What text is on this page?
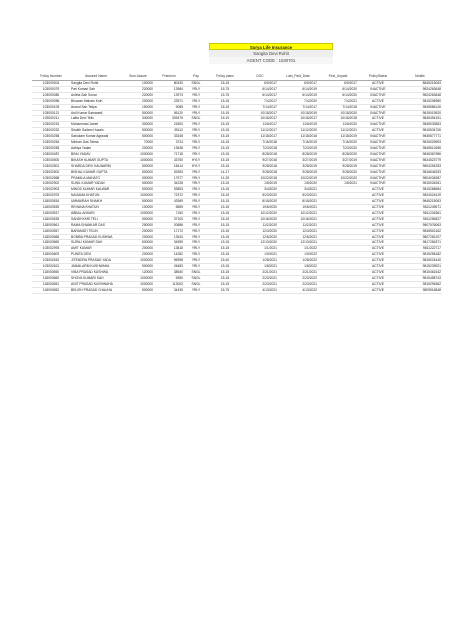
Surya Life Insurance
Sangita Devi Rohit
AGENT CODE : 1030701
Policy Number	Assured Name	Sum Assure	Premium	Pay	Policy plans	DOC	Last_Paid_Date	First_Unpaid	PolicyStatus	Mobile
103000004	Sangita Devi Rohit	100000	80430	SNGL	15-15	6/9/2017	6/9/2017	6/9/2017	ACTIVE	8845215063
103000079	Pari Kumari Sah	220000	13984	YRLY	15-75	6/14/2017	6/14/2019	6/14/2020	INACTIVE	9824263648
103000080	Anitha Sah Sonar	220000	13973	YRLY	15-75	6/14/2017	6/14/2019	6/14/2020	INACTIVE	9824263648
103000096	Bhuwan Mahato Koiri	200000	23971	YRLY	15-15	7/4/2017	7/4/2020	7/4/2021	ACTIVE	9815206980
103000109	Anand Sah Teliya	150000	9085	YRLY	15-15	7/14/2017	7/14/2017	7/14/2018	INACTIVE	9845586126
103000121	Anil Kumar Sarswasti	500000	56120	YRLY	15-15	10/15/2017	10/15/2019	10/15/2020	INACTIVE	9815019520
103000211	Lalita Devi Teliv	340000	309475	SNGL	15-19	10/16/2017	10/16/2017	10/16/2018	ACTIVE	9845494151
103000215	Mohammad Jamel	300000	21800	YRLY	15-15	11/6/2017	11/6/2019	11/6/2020	INACTIVE	9845033863
103000232	Shaikh Sadam Husain	500000	35112	YRLY	15-15	11/12/2017	11/12/2020	11/12/2021	ACTIVE	9815534706
103000258	Sabukam Kumar Agrawal	500000	33345	YRLY	15-15	11/15/2017	11/15/2018	11/15/2019	INACTIVE	9845577771
103000254	Minhan Das Tatma	70000	3724	YRLY	16-15	7/16/2018	7/16/2019	7/16/2020	INACTIVE	9815029593
103000255	Adhiya Yadav	200000	13548	YRLY	15-15	7/23/2018	7/23/2019	7/23/2020	INACTIVE	9845612656
103000487	BINU YADAV	1000000	71718	YRLY	15-15	8/28/2018	8/28/2019	8/28/2020	INACTIVE	9845367986
103000500	BIKASH KUMAR GUPTA	1000000	33750	HYLY	15-15	9/27/2018	3/27/2019	3/27/2019	INACTIVE	9824523779
103002501	SHARDA DEVI KALWARIN	500000	18414	HYLY	15-15	9/28/2018	3/28/2019	9/28/2019	INACTIVE	9804294253
103002502	BISHAL KUMAR GUPTA	500000	53353	YRLY	14-17	9/28/2018	9/28/2019	9/28/2020	INACTIVE	9816646253
103002568	PRAMILA MAHATO	500000	17977	YRLY	14-25	10/22/2018	10/22/2019	10/22/2020	INACTIVE	9804034587
103002902	SUNIL KUMAR YADAV	500000	34228	YRLY	15-15	1/5/2019	1/5/2020	1/5/2021	INACTIVE	9815026261
103002903	MINOD KUMAR KALWAR	500000	53853	YRLY	15-15	3/4/2020	3/4/2021		ACTIVE	9815268684
103002975	NAGAMA KHATUN	1000000	72372	YRLY	15-15	6/23/2020	6/23/2021		ACTIVE	9824024419
118000534	UMMAIRAH SHAIKH	500000	43369	YRLY	15-15	8/15/2020	8/15/2021		ACTIVE	9845215063
118000535	REHANA KHATUN	100000	5859	YRLY	15-15	10/6/2020	10/6/2021		ACTIVE	9811249571
118000537	ABBAL ANSARI	1000000	7150	YRLY	15-15	10/12/2020	10/12/2021		ACTIVE	9811226361
118000535	SANDHYARI TELI	500000	37100	YRLY	15-15	10/16/2020	10/16/2021		ACTIVE	9811256527
118000561	RAMA SHANKAR DAS	250000	20886	YRLY	15-15	11/2/2020	11/2/2021		ACTIVE	9807576063
118000557	BARAMATI TELIN	200000	17172	YRLY	15-15	12/3/2020	12/3/2021		ACTIVE	9845502162
118000568	BOMBA PRASAD KUSHWA	200000	13543	YRLY	15-15	12/6/2020	12/6/2021		ACTIVE	9807281207
118000569	SURAJ KUMAR SAH	500000	34959	YRLY	15-15	12/13/2020	12/13/2021		ACTIVE	9817281871
103002993	AMIT KUMAR	200000	13818	YRLY	15-15	1/1/2021	1/1/2022		ACTIVE	9811222717
118000609	PUNITA DEVI	200000	14282	YRLY	15-15	1/9/2021	1/9/2022		ACTIVE	9815256182
103002610	JITENDRA PRASAD YADA	1000000	96998	YRLY	15-40	1/28/2021	1/28/2022		ACTIVE	9815024440
103002621	JANAILARM KUSHWAHA	500000	26483	YRLY	15-15	1/8/2021	1/8/2022		ACTIVE	9815239921
118000650	VIBA PRASAD KUSHWA	120000	38540	SNGL	15-15	2/21/2021	2/21/2021		ACTIVE	9815461542
118000660	SHOVA KUMARI SAH	1000000	5950	SNGL	15-15	2/23/2021	2/23/2022		ACTIVE	9815458743
118000651	ANIT PRASAD KUSHWAHA	1000000	113002	SNGL	15-15	2/23/2021	2/23/2021		ACTIVE	9815294562
118000652	BELISH PRASAD CHAUHA	500000	34435	YRLY	15-75	4/13/2021	4/13/2022		ACTIVE	9809516848
